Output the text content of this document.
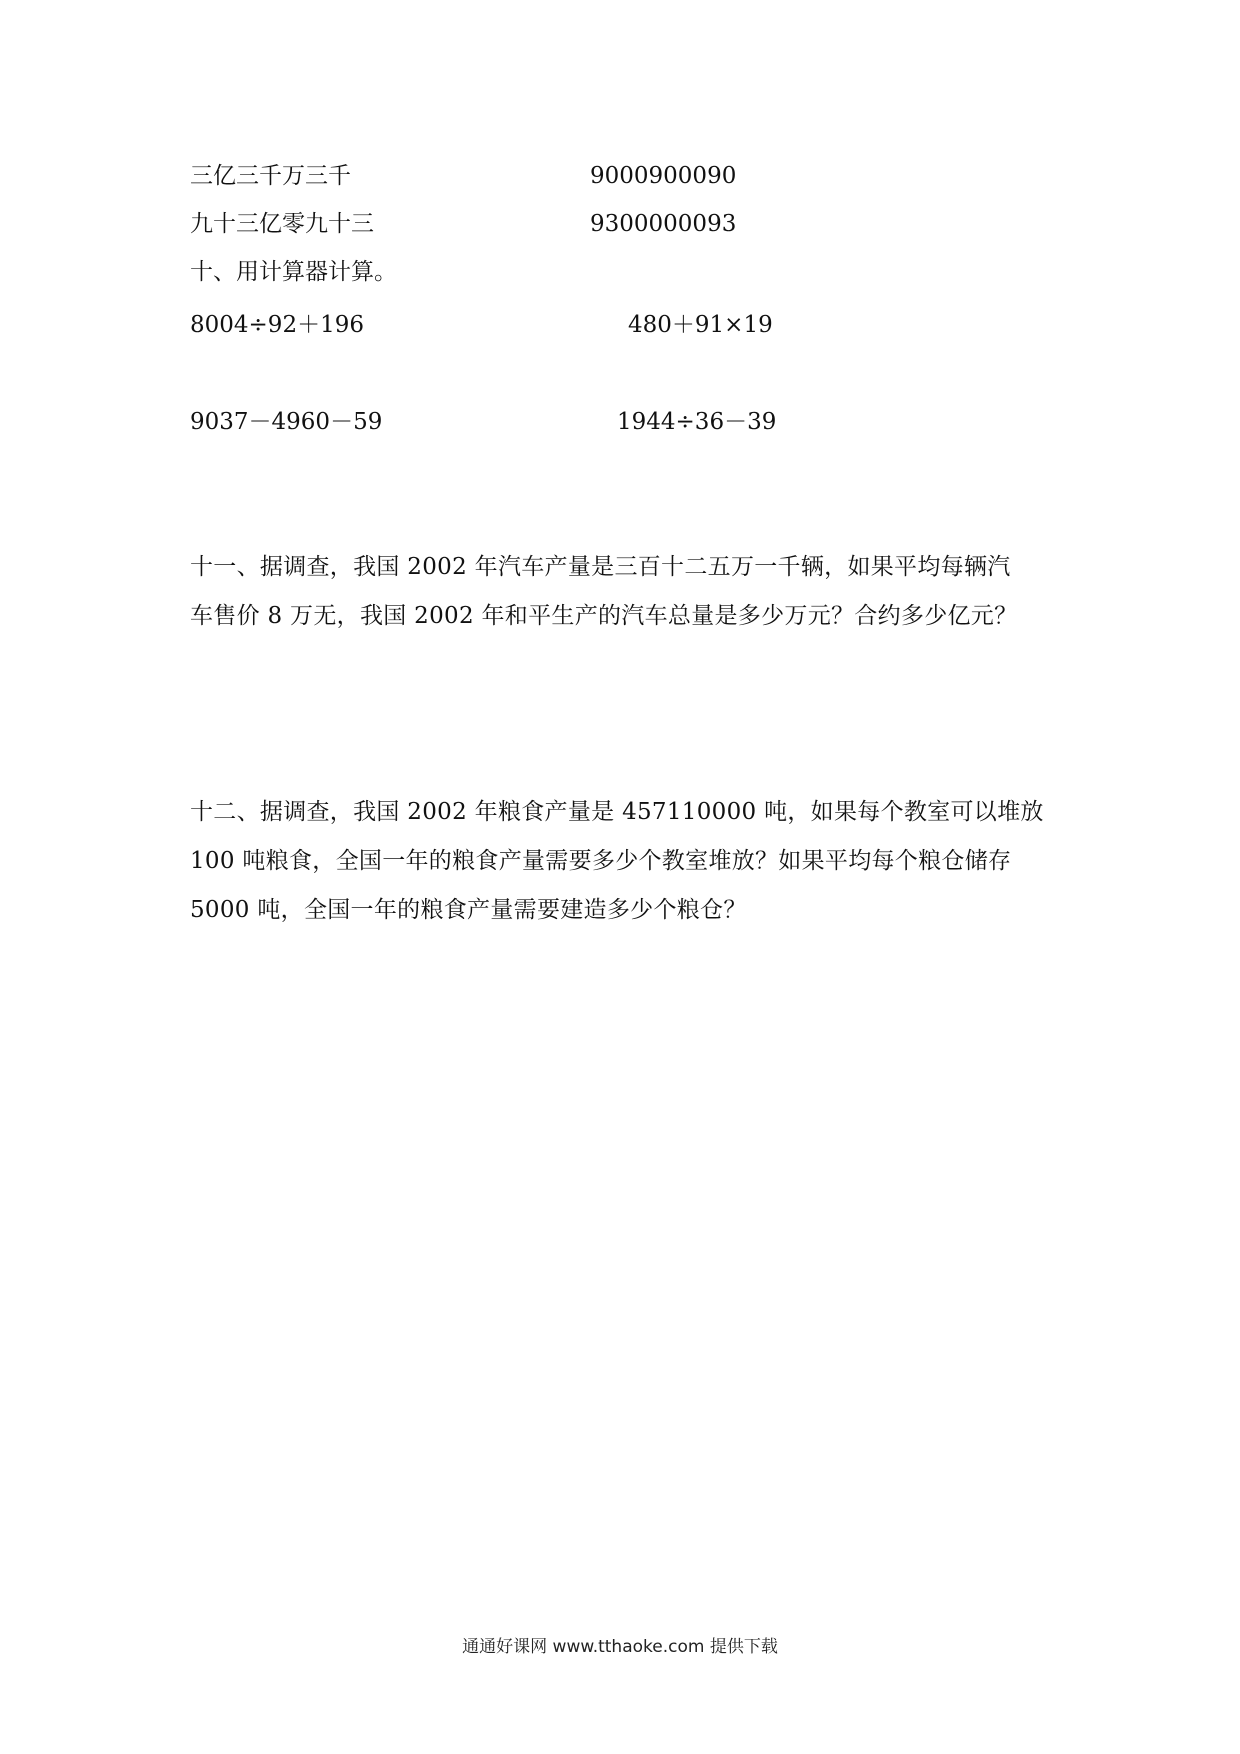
三亿三千万三千	9000900090
九十三亿零九十三	9300000093
十、用计算器计算。
8004÷92＋196	480＋91×19
9037－4960－59	1944÷36－39
十一、据调查，我国 2002 年汽车产量是三百十二五万一千辆，如果平均每辆汽
车售价 8 万无，我国 2002 年和平生产的汽车总量是多少万元？合约多少亿元？
十二、据调查，我国 2002 年粮食产量是 457110000 吨，如果每个教室可以堆放
100 吨粮食，全国一年的粮食产量需要多少个教室堆放？如果平均每个粮仓储存
5000 吨，全国一年的粮食产量需要建造多少个粮仓？
通通好课网 www.tthaoke.com 提供下载
